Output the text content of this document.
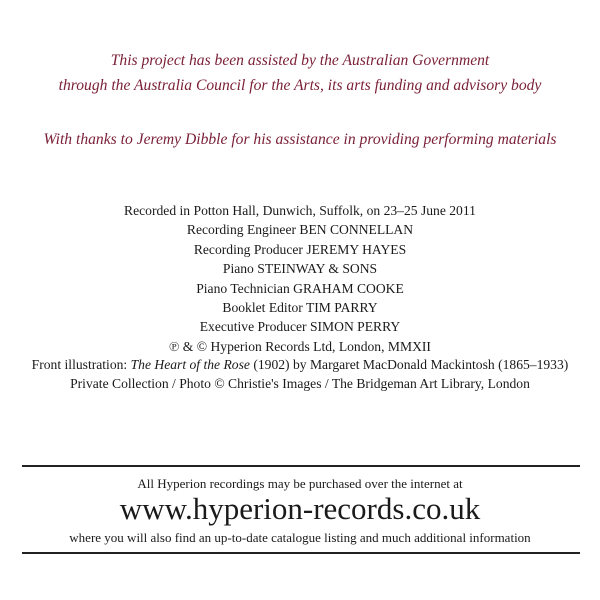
This project has been assisted by the Australian Government
through the Australia Council for the Arts, its arts funding and advisory body
With thanks to Jeremy Dibble for his assistance in providing performing materials
Recorded in Potton Hall, Dunwich, Suffolk, on 23–25 June 2011
Recording Engineer BEN CONNELLAN
Recording Producer JEREMY HAYES
Piano STEINWAY & SONS
Piano Technician GRAHAM COOKE
Booklet Editor TIM PARRY
Executive Producer SIMON PERRY
℗ & © Hyperion Records Ltd, London, MMXII
Front illustration: The Heart of the Rose (1902) by Margaret MacDonald Mackintosh (1865–1933)
Private Collection / Photo © Christie's Images / The Bridgeman Art Library, London
All Hyperion recordings may be purchased over the internet at
www.hyperion-records.co.uk
where you will also find an up-to-date catalogue listing and much additional information
